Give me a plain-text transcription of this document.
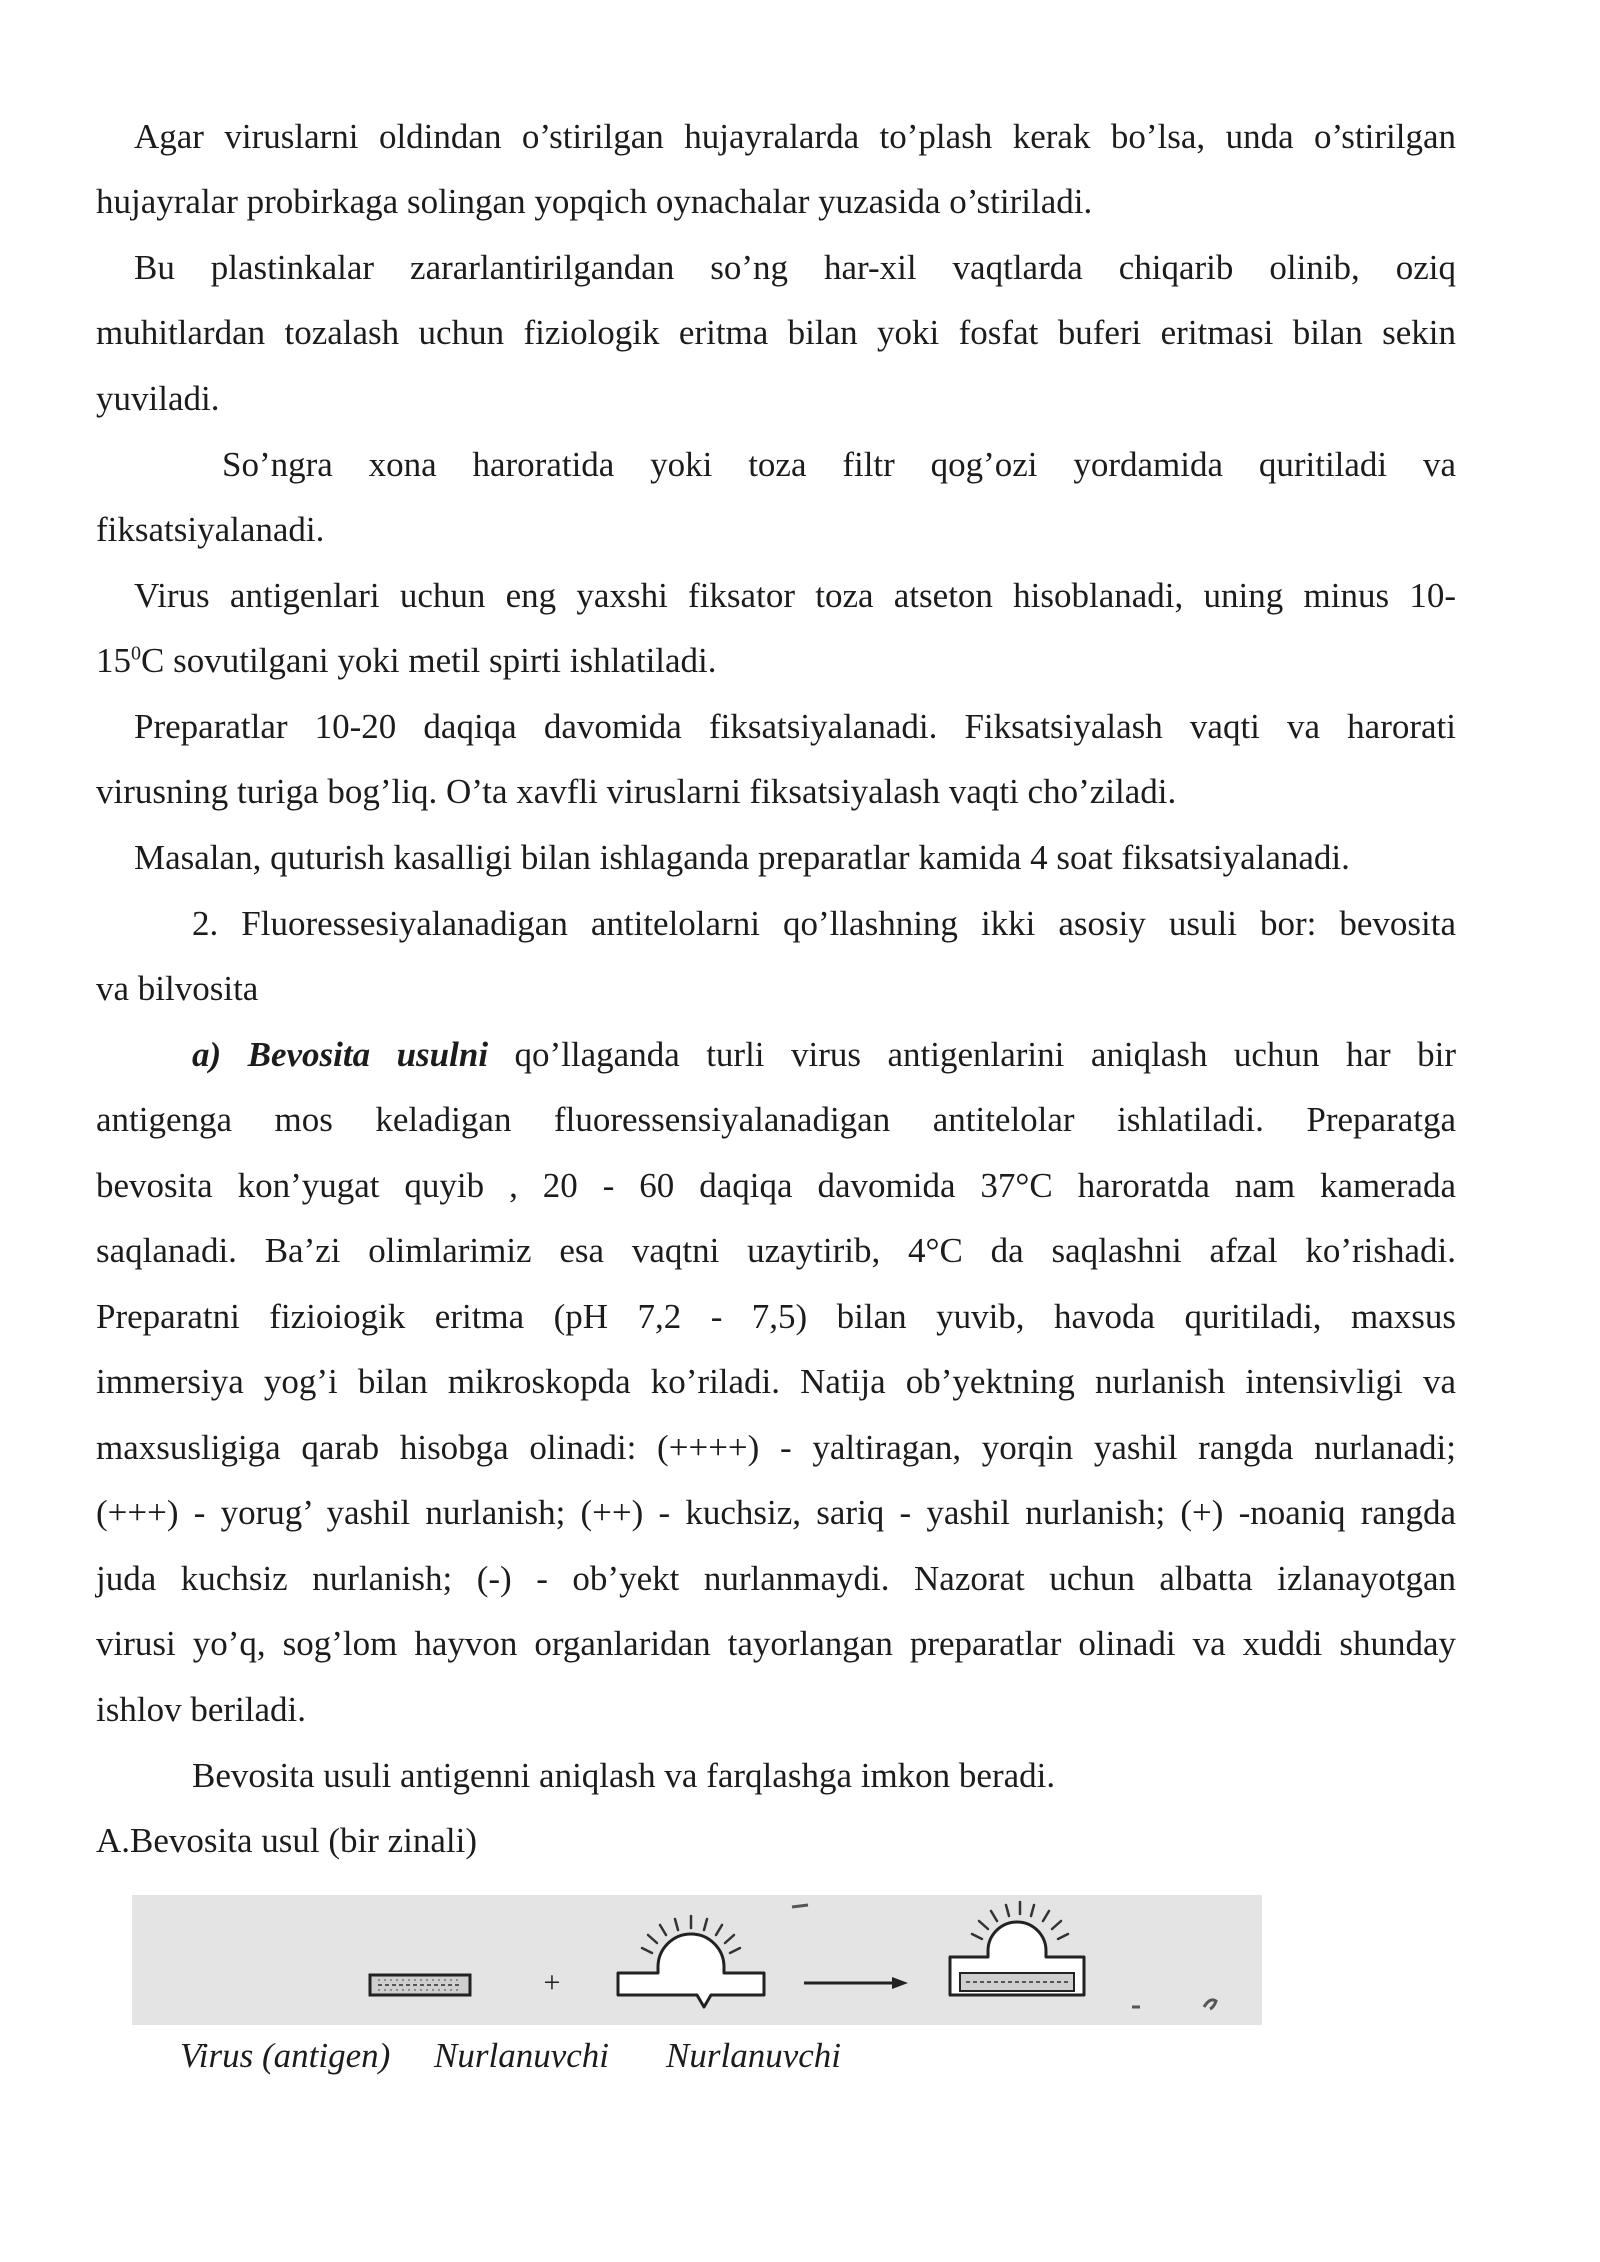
Agar viruslarni oldindan o’stirilgan hujayralarda to’plash kerak bo’lsa, unda o’stirilgan
hujayralar probirkaga solingan yopqich oynachalar yuzasida o’stiriladi.
Bu plastinkalar zararlantirilgandan so’ng har-xil vaqtlarda chiqarib olinib, oziq
muhitlardan tozalash uchun fiziologik eritma bilan yoki fosfat buferi eritmasi bilan sekin
yuviladi.
So’ngra xona haroratida yoki toza filtr qog’ozi yordamida quritiladi va
fiksatsiyalanadi.
Virus antigenlari uchun eng yaxshi fiksator toza atseton hisoblanadi, uning minus 10-
$15^0C$ sovutilgani yoki metil spirti ishlatiladi.
Preparatlar 10-20 daqiqa davomida fiksatsiyalanadi. Fiksatsiyalash vaqti va harorati
virusning turiga bog’liq. O’ta xavfli viruslarni fiksatsiyalash vaqti cho’ziladi.
Masalan, quturish kasalligi bilan ishlaganda preparatlar kamida 4 soat fiksatsiyalanadi.
2. Fluoressesiyalanadigan antitelolarni qo’llashning ikki asosiy usuli bor: bevosita
va bilvosita
a) Bevosita usulni qo’llaganda turli virus antigenlarini aniqlash uchun har bir
antigenga mos keladigan fluoressensiyalanadigan antitelolar ishlatiladi. Preparatga
bevosita kon’yugat quyib , 20 - 60 daqiqa davomida 37°C haroratda nam kamerada
saqlanadi. Ba’zi olimlarimiz esa vaqtni uzaytirib, 4°C da saqlashni afzal ko’rishadi.
Preparatni fizioiogik eritma (pH 7,2 - 7,5) bilan yuvib, havoda quritiladi, maxsus
immersiya yog’i bilan mikroskopda ko’riladi. Natija ob’yektning nurlanish intensivligi va
maxsusligiga qarab hisobga olinadi: (++++) - yaltiragan, yorqin yashil rangda nurlanadi;
(+++) - yorug’ yashil nurlanish; (++) - kuchsiz, sariq - yashil nurlanish; (+) -noaniq rangda
juda kuchsiz nurlanish; (-) - ob’yekt nurlanmaydi. Nazorat uchun albatta izlanayotgan
virusi yo’q, sog’lom hayvon organlaridan tayorlangan preparatlar olinadi va xuddi shunday
ishlov beriladi.
Bevosita usuli antigenni aniqlash va farqlashga imkon beradi.
A.Bevosita usul (bir zinali)
+
Virus (antigen) Nurlanuvchi Nurlanuvchi
